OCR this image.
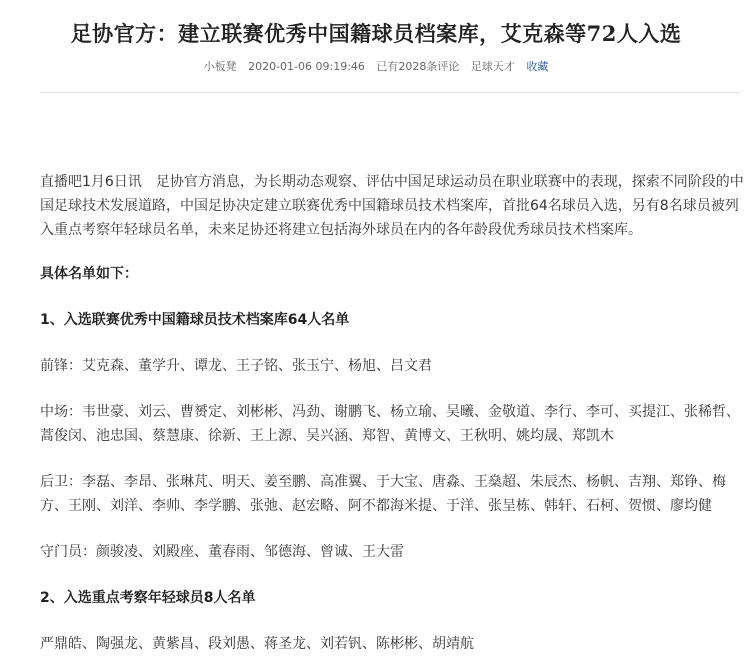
足协官方：建立联赛优秀中国籍球员档案库，艾克森等72人入选
小板凳 2020-01-06 09:19:46 已有2028条评论 足球天才 收藏

直播吧1月6日讯　足协官方消息，为长期动态观察、评估中国足球运动员在职业联赛中的表现，探索不同阶段的中国足球技术发展道路，中国足协决定建立联赛优秀中国籍球员技术档案库，首批64名球员入选，另有8名球员被列入重点考察年轻球员名单，未来足协还将建立包括海外球员在内的各年龄段优秀球员技术档案库。

具体名单如下：

1、入选联赛优秀中国籍球员技术档案库64人名单

前锋：艾克森、董学升、谭龙、王子铭、张玉宁、杨旭、吕文君

中场：韦世豪、刘云、曹赟定、刘彬彬、冯劲、谢鹏飞、杨立瑜、吴曦、金敬道、李行、李可、买提江、张稀哲、蒿俊闵、池忠国、蔡慧康、徐新、王上源、吴兴涵、郑智、黄博文、王秋明、姚均晟、郑凯木

后卫：李磊、李昂、张琳芃、明天、姜至鹏、高准翼、于大宝、唐淼、王燊超、朱辰杰、杨帆、吉翔、郑铮、梅方、王刚、刘洋、李帅、李学鹏、张弛、赵宏略、阿不都海米提、于洋、张呈栋、韩轩、石柯、贺惯、廖均健

守门员：颜骏凌、刘殿座、董春雨、邹德海、曾诚、王大雷

2、入选重点考察年轻球员8人名单

严鼎皓、陶强龙、黄紫昌、段刘愚、蒋圣龙、刘若钒、陈彬彬、胡靖航
